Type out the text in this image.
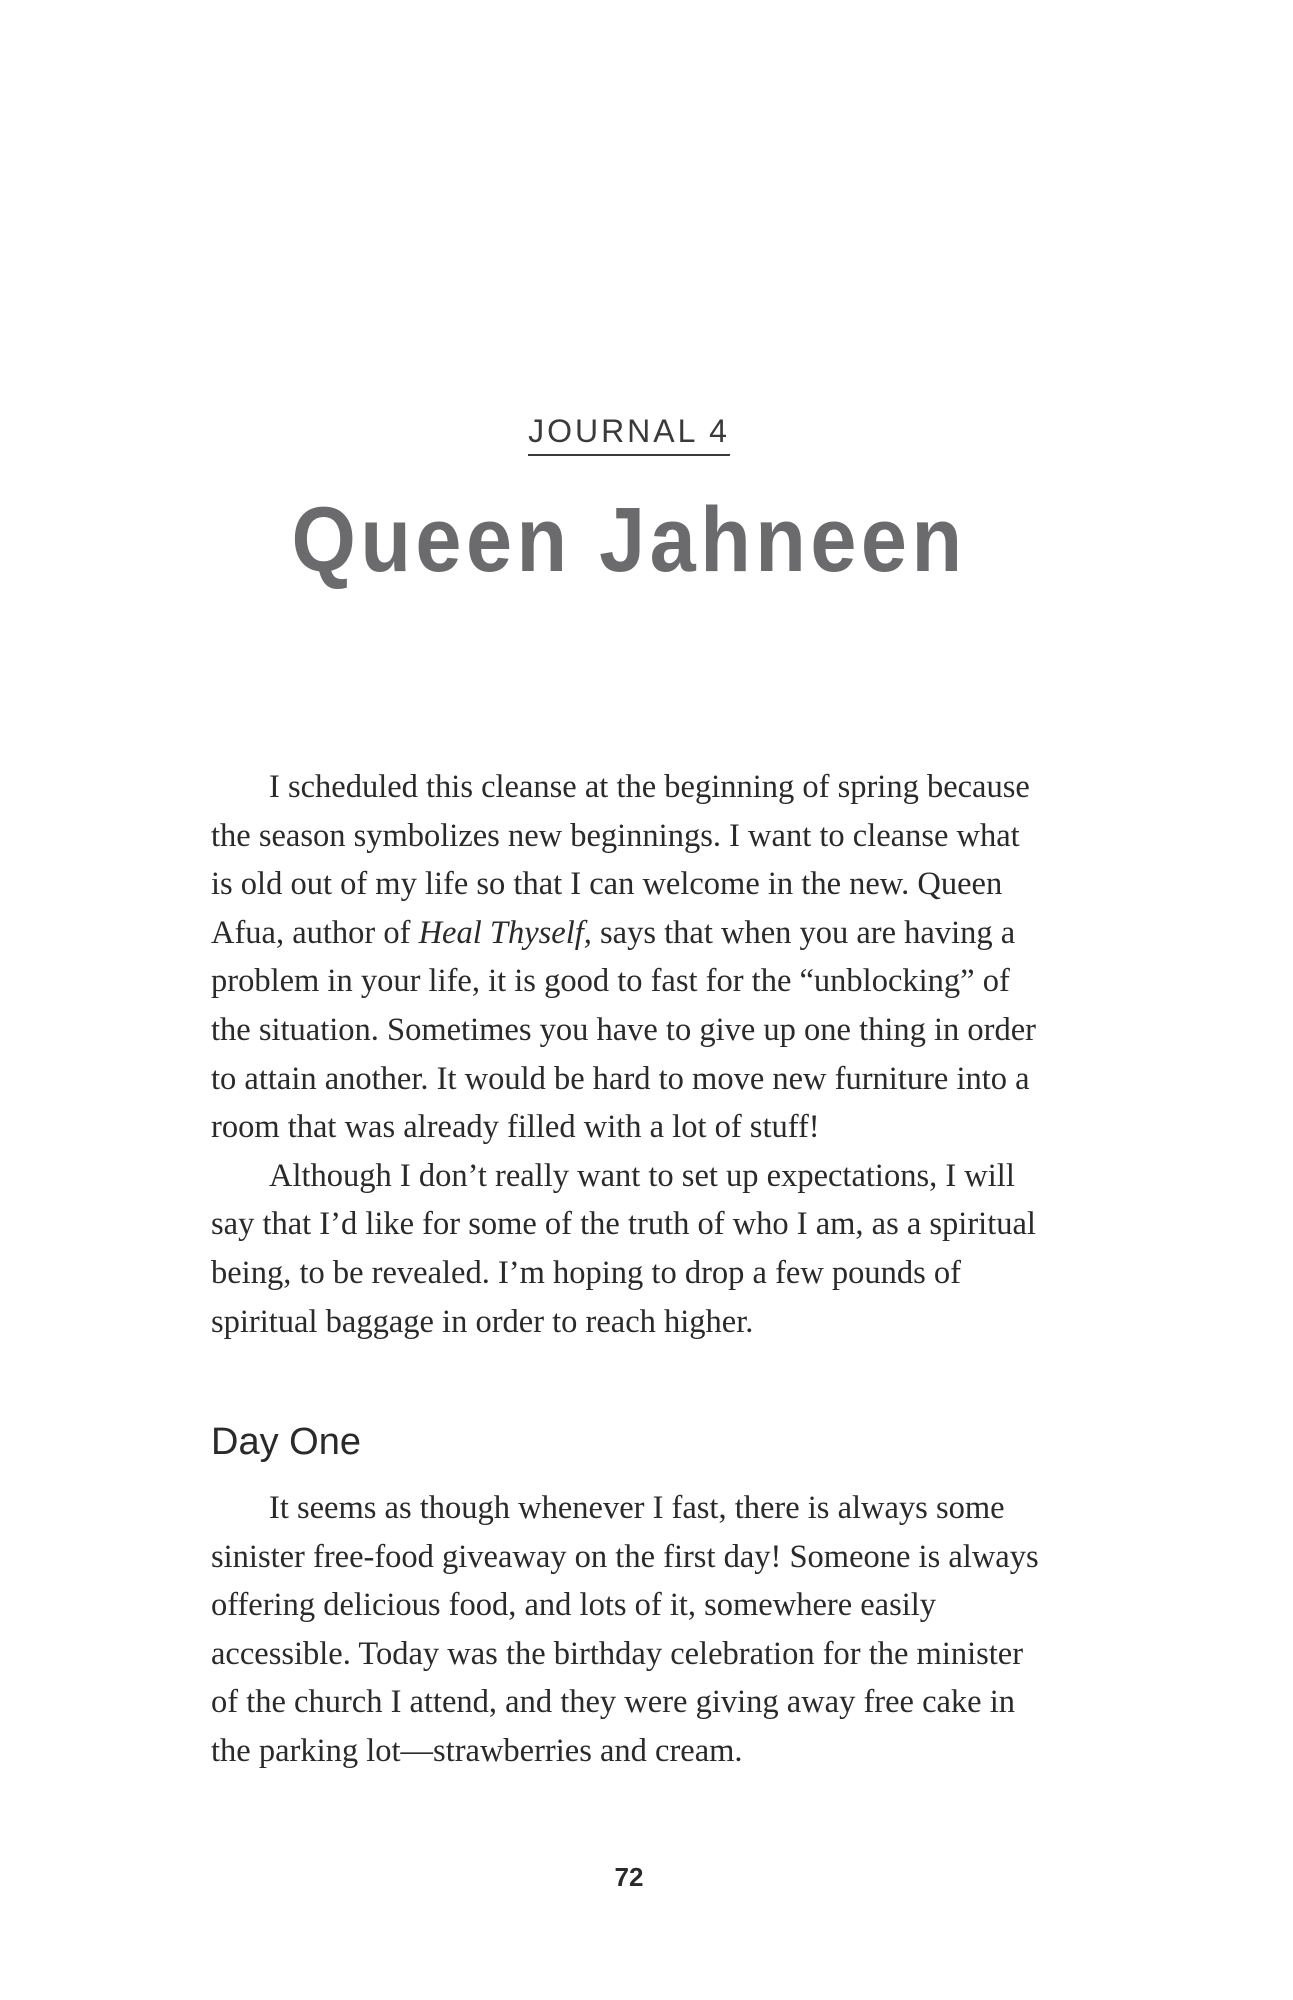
JOURNAL 4
Queen Jahneen

I scheduled this cleanse at the beginning of spring because the season symbolizes new beginnings. I want to cleanse what is old out of my life so that I can welcome in the new. Queen Afua, author of Heal Thyself, says that when you are having a problem in your life, it is good to fast for the “unblocking” of the situation. Sometimes you have to give up one thing in order to attain another. It would be hard to move new furniture into a room that was already filled with a lot of stuff!

Although I don’t really want to set up expectations, I will say that I’d like for some of the truth of who I am, as a spiritual being, to be revealed. I’m hoping to drop a few pounds of spiritual baggage in order to reach higher.

Day One

It seems as though whenever I fast, there is always some sinister free-food giveaway on the first day! Someone is always offering delicious food, and lots of it, somewhere easily accessible. Today was the birthday celebration for the minister of the church I attend, and they were giving away free cake in the parking lot—strawberries and cream.

72
